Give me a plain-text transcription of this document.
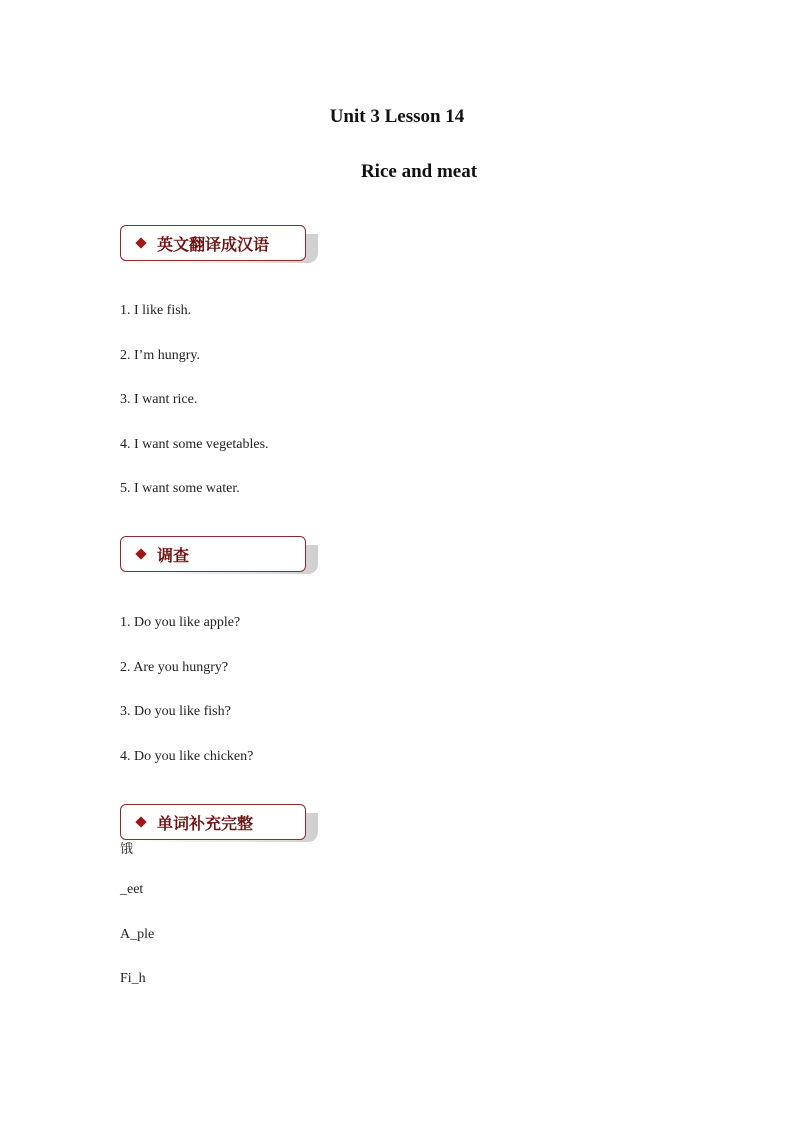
Unit 3 Lesson 14
Rice and meat
英文翻译成汉语
1. I like fish.
2. I’m hungry.
3. I want rice.
4. I want some vegetables.
5. I want some water.
调查
1. Do you like apple?
2. Are you hungry?
3. Do you like fish?
4. Do you like chicken?
单词补充完整
饿
_eet
A_ple
Fi_h
